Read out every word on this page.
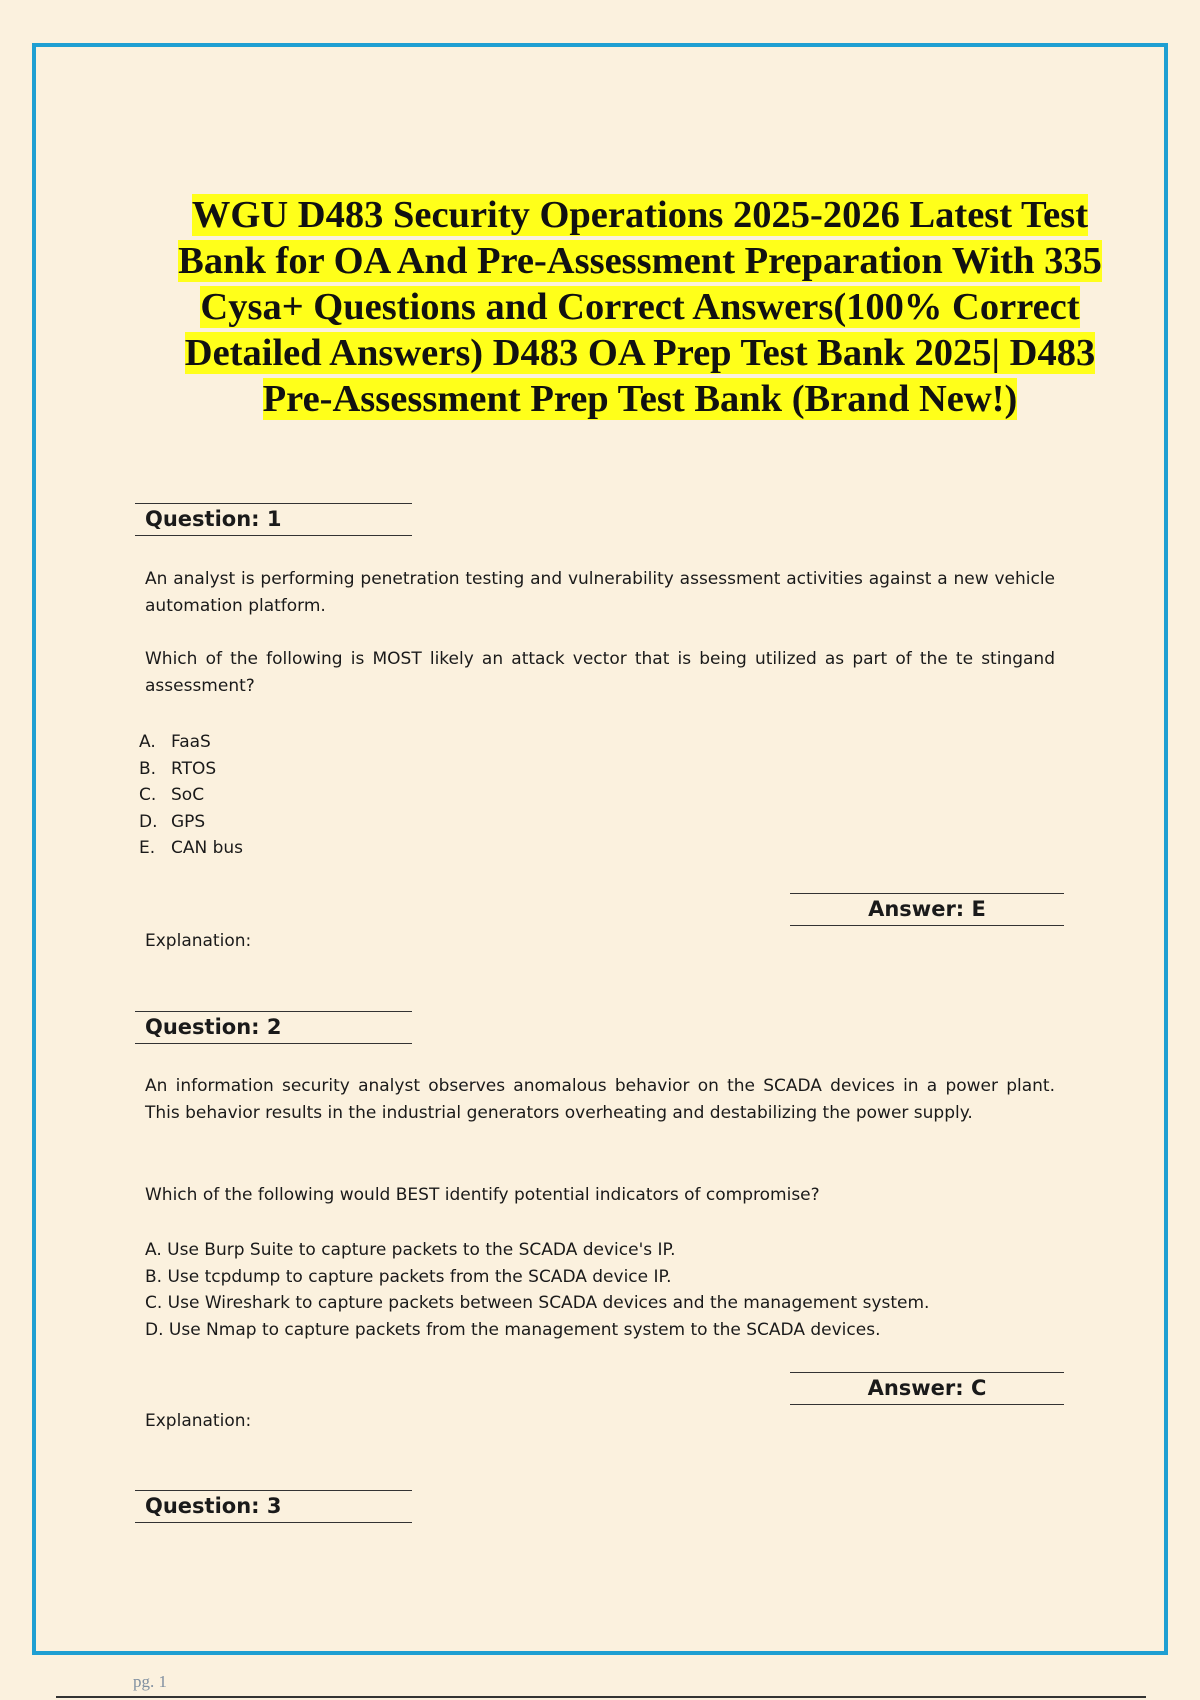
WGU D483 Security Operations 2025-2026 Latest Test
Bank for OA And Pre-Assessment Preparation With 335
Cysa+ Questions and Correct Answers(100% Correct
Detailed Answers) D483 OA Prep Test Bank 2025| D483
Pre-Assessment Prep Test Bank (Brand New!)
Question: 1
An analyst is performing penetration testing and vulnerability assessment activities against a new vehicle automation platform.
Which of the following is MOST likely an attack vector that is being utilized as part of the te stingand assessment?
A. FaaS
B. RTOS
C. SoC
D. GPS
E. CAN bus
Answer: E
Explanation:
Question: 2
An information security analyst observes anomalous behavior on the SCADA devices in a power plant. This behavior results in the industrial generators overheating and destabilizing the power supply.
Which of the following would BEST identify potential indicators of compromise?
A. Use Burp Suite to capture packets to the SCADA device's IP.
B. Use tcpdump to capture packets from the SCADA device IP.
C. Use Wireshark to capture packets between SCADA devices and the management system.
D. Use Nmap to capture packets from the management system to the SCADA devices.
Answer: C
Explanation:
Question: 3
pg. 1
